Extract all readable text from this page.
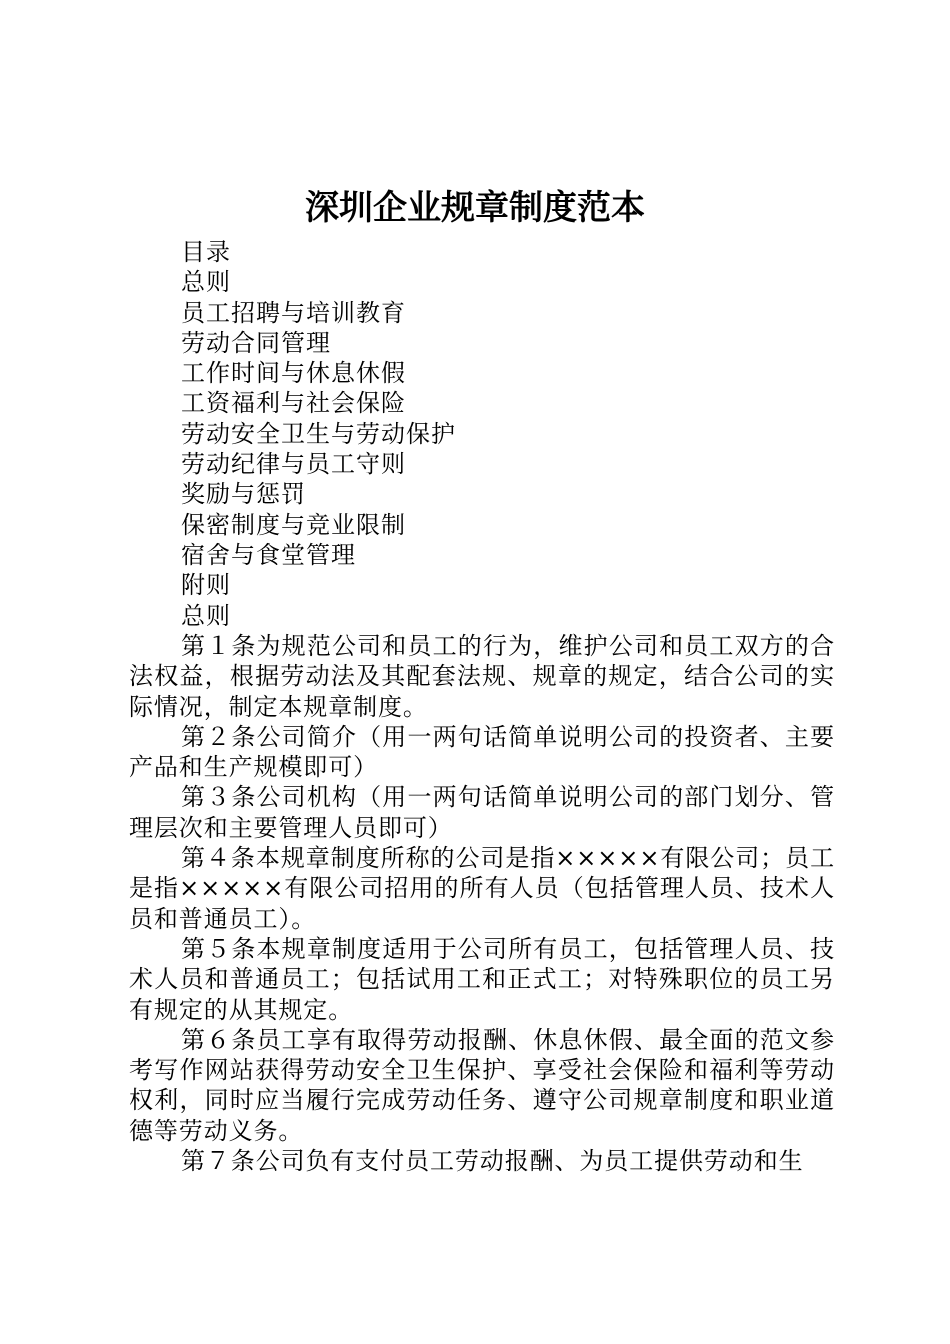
深圳企业规章制度范本
目录
总则
员工招聘与培训教育
劳动合同管理
工作时间与休息休假
工资福利与社会保险
劳动安全卫生与劳动保护
劳动纪律与员工守则
奖励与惩罚
保密制度与竞业限制
宿舍与食堂管理
附则
总则

第１条为规范公司和员工的行为，维护公司和员工双方的合法权益，根据劳动法及其配套法规、规章的规定，结合公司的实际情况，制定本规章制度。

第２条公司简介（用一两句话简单说明公司的投资者、主要产品和生产规模即可）

第３条公司机构（用一两句话简单说明公司的部门划分、管理层次和主要管理人员即可）

第４条本规章制度所称的公司是指×××××有限公司；员工是指×××××有限公司招用的所有人员（包括管理人员、技术人员和普通员工）。

第５条本规章制度适用于公司所有员工，包括管理人员、技术人员和普通员工；包括试用工和正式工；对特殊职位的员工另有规定的从其规定。

第６条员工享有取得劳动报酬、休息休假、最全面的范文参考写作网站获得劳动安全卫生保护、享受社会保险和福利等劳动权利，同时应当履行完成劳动任务、遵守公司规章制度和职业道德等劳动义务。

第７条公司负有支付员工劳动报酬、为员工提供劳动和生
